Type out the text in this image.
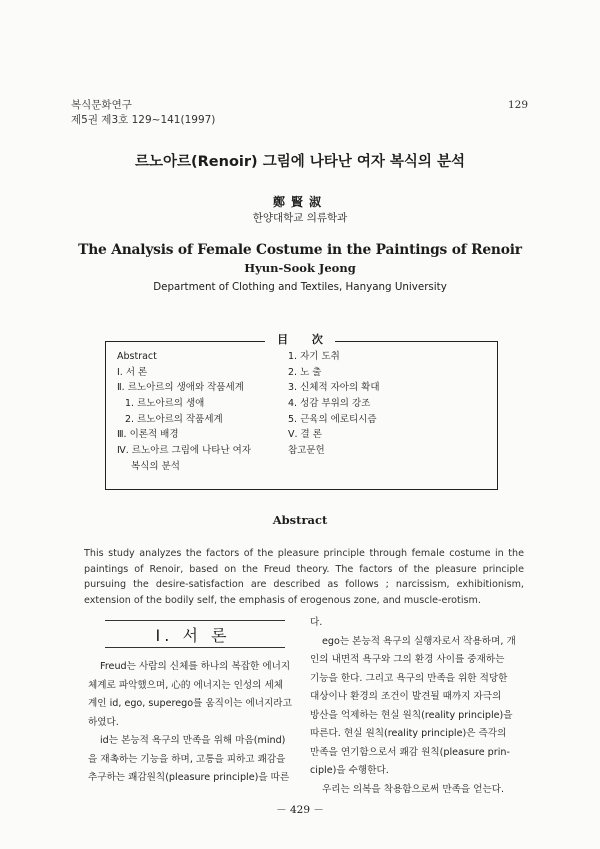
복식문화연구
제5권 제3호 129~141(1997)
129
르노아르(Renoir) 그림에 나타난 여자 복식의 분석
鄭賢淑
한양대학교 의류학과
The Analysis of Female Costume in the Paintings of Renoir
Hyun-Sook Jeong
Department of Clothing and Textiles, Hanyang University
目 次
Abstract
Ⅰ. 서 론
Ⅱ. 르노아르의 생애와 작품세계
1. 르노아르의 생애
2. 르노아르의 작품세계
Ⅲ. 이론적 배경
Ⅳ. 르노아르 그림에 나타난 여자
복식의 분석
1. 자기 도취
2. 노 출
3. 신체적 자아의 확대
4. 성감 부위의 강조
5. 근육의 에로티시즘
Ⅴ. 결 론
참고문헌
Abstract
This study analyzes the factors of the pleasure principle through female costume in the paintings of Renoir, based on the Freud theory. The factors of the pleasure principle pursuing the desire-satisfaction are described as follows ; narcissism, exhibitionism, extension of the bodily self, the emphasis of erogenous zone, and muscle-erotism.
Ⅰ. 서 론
Freud는 사람의 신체를 하나의 복잡한 에너지
체계로 파악했으며, 心的 에너지는 인성의 세체
계인 id, ego, superego를 움직이는 에너지라고
하였다.
id는 본능적 욕구의 만족을 위해 마음(mind)
을 재촉하는 기능을 하며, 고통을 피하고 쾌감을
추구하는 쾌감원칙(pleasure principle)을 따른
다.
ego는 본능적 욕구의 실행자로서 작용하며, 개
인의 내면적 욕구와 그의 환경 사이를 중재하는
기능을 한다. 그리고 욕구의 만족을 위한 적당한
대상이나 환경의 조건이 발견될 때까지 자극의
방산을 억제하는 현실 원칙(reality principle)을
따른다. 현실 원칙(reality principle)은 즉각의
만족을 연기함으로서 쾌감 원칙(pleasure prin-
ciple)을 수행한다.
우리는 의복을 착용함으로써 만족을 얻는다.
－ 429 －
